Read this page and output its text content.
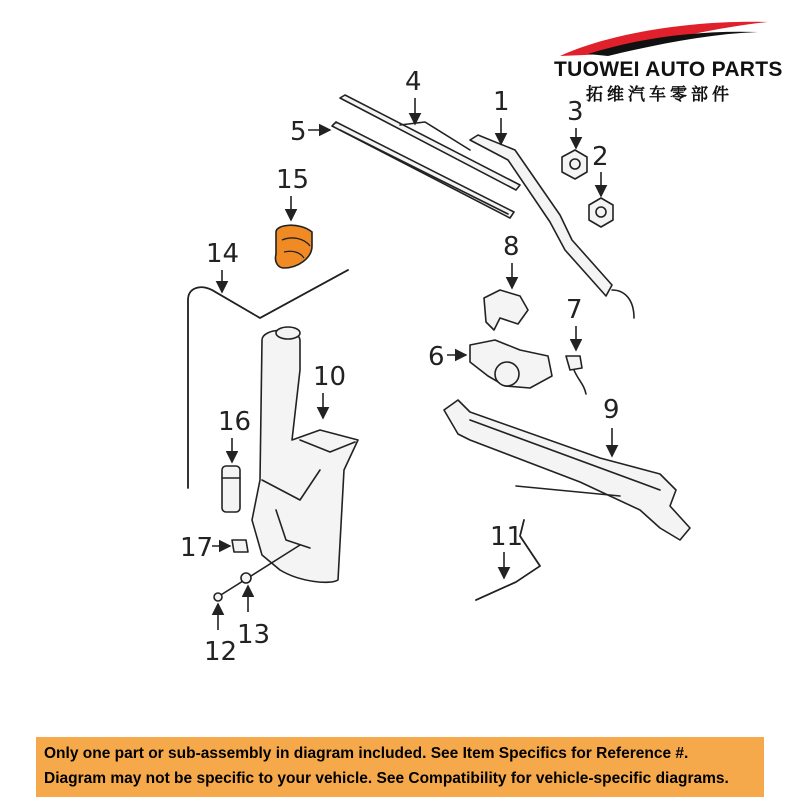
4
5
1 3
2
15
14
10
16
17
12
13
8
6
7
9
11
TUOWEI AUTO PARTS
拓维汽车零部件
Only one part or sub-assembly in diagram included. See Item Specifics for Reference #.
Diagram may not be specific to your vehicle. See Compatibility for vehicle-specific diagrams.
